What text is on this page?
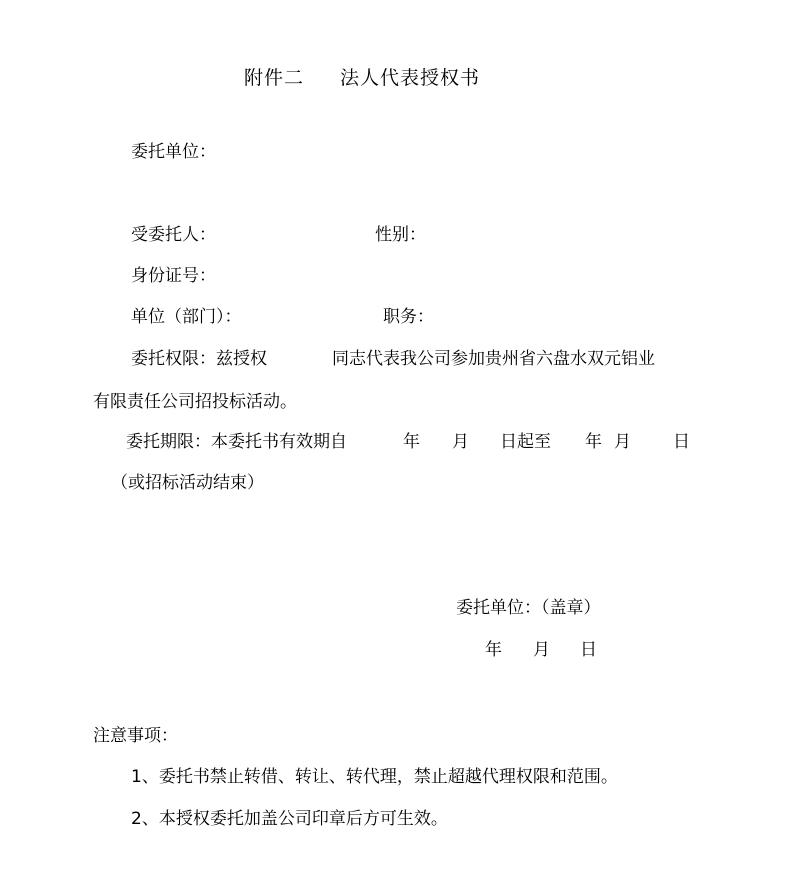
附件二 法人代表授权书
委托单位：
受委托人：	性别：
身份证号：
单位（部门）：	职务：
委托权限：兹授权	同志代表我公司参加贵州省六盘水双元铝业
有限责任公司招投标活动。
委托期限：本委托书有效期自	年 月 日起至 年 月 日
（或招标活动结束）
委托单位：（盖章）
年 月 日
注意事项：
1、委托书禁止转借、转让、转代理，禁止超越代理权限和范围。
2、本授权委托加盖公司印章后方可生效。
